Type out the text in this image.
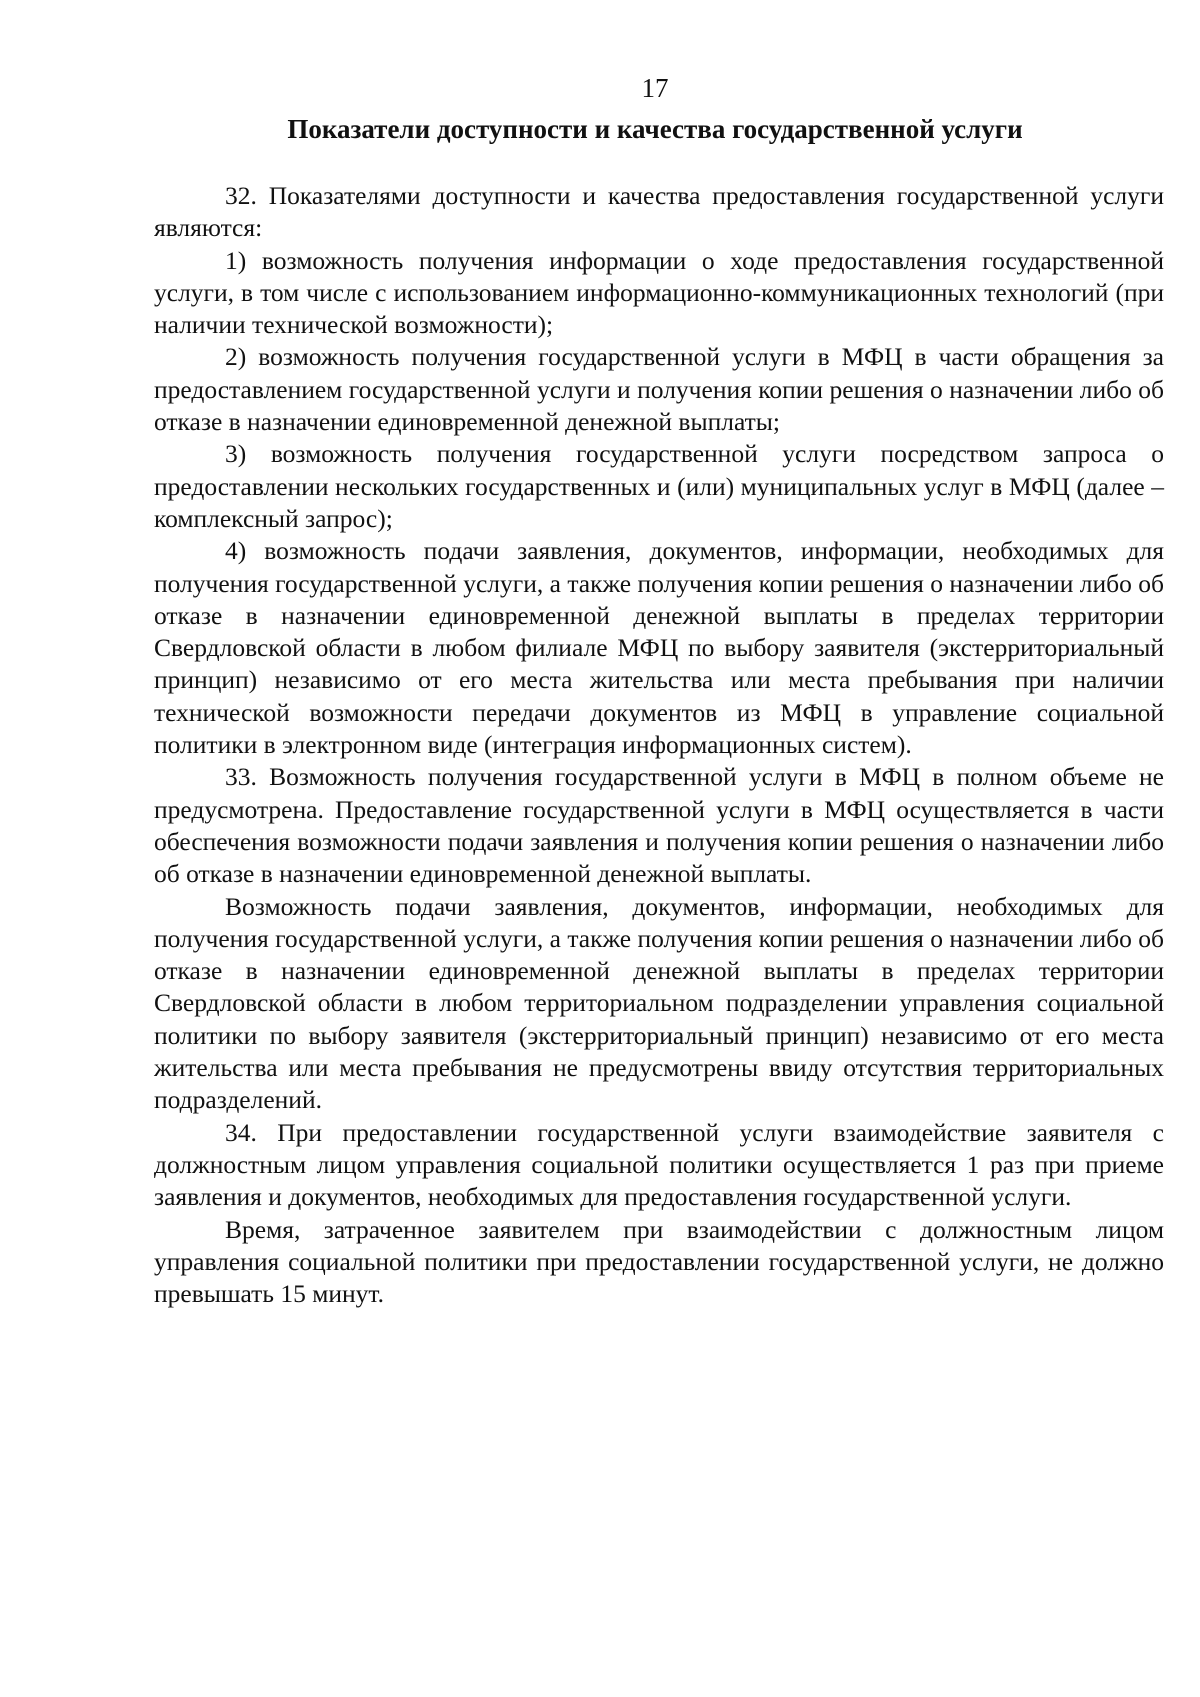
17
Показатели доступности и качества государственной услуги

32. Показателями доступности и качества предоставления государственной услуги являются:

1) возможность получения информации о ходе предоставления государственной услуги, в том числе с использованием информационно-коммуникационных технологий (при наличии технической возможности);

2) возможность получения государственной услуги в МФЦ в части обращения за предоставлением государственной услуги и получения копии решения о назначении либо об отказе в назначении единовременной денежной выплаты;

3) возможность получения государственной услуги посредством запроса о предоставлении нескольких государственных и (или) муниципальных услуг в МФЦ (далее – комплексный запрос);

4) возможность подачи заявления, документов, информации, необходимых для получения государственной услуги, а также получения копии решения о назначении либо об отказе в назначении единовременной денежной выплаты в пределах территории Свердловской области в любом филиале МФЦ по выбору заявителя (экстерриториальный принцип) независимо от его места жительства или места пребывания при наличии технической возможности передачи документов из МФЦ в управление социальной политики в электронном виде (интеграция информационных систем).

33. Возможность получения государственной услуги в МФЦ в полном объеме не предусмотрена. Предоставление государственной услуги в МФЦ осуществляется в части обеспечения возможности подачи заявления и получения копии решения о назначении либо об отказе в назначении единовременной денежной выплаты.

Возможность подачи заявления, документов, информации, необходимых для получения государственной услуги, а также получения копии решения о назначении либо об отказе в назначении единовременной денежной выплаты в пределах территории Свердловской области в любом территориальном подразделении управления социальной политики по выбору заявителя (экстерриториальный принцип) независимо от его места жительства или места пребывания не предусмотрены ввиду отсутствия территориальных подразделений.

34. При предоставлении государственной услуги взаимодействие заявителя с должностным лицом управления социальной политики осуществляется 1 раз при приеме заявления и документов, необходимых для предоставления государственной услуги.

Время, затраченное заявителем при взаимодействии с должностным лицом управления социальной политики при предоставлении государственной услуги, не должно превышать 15 минут.
